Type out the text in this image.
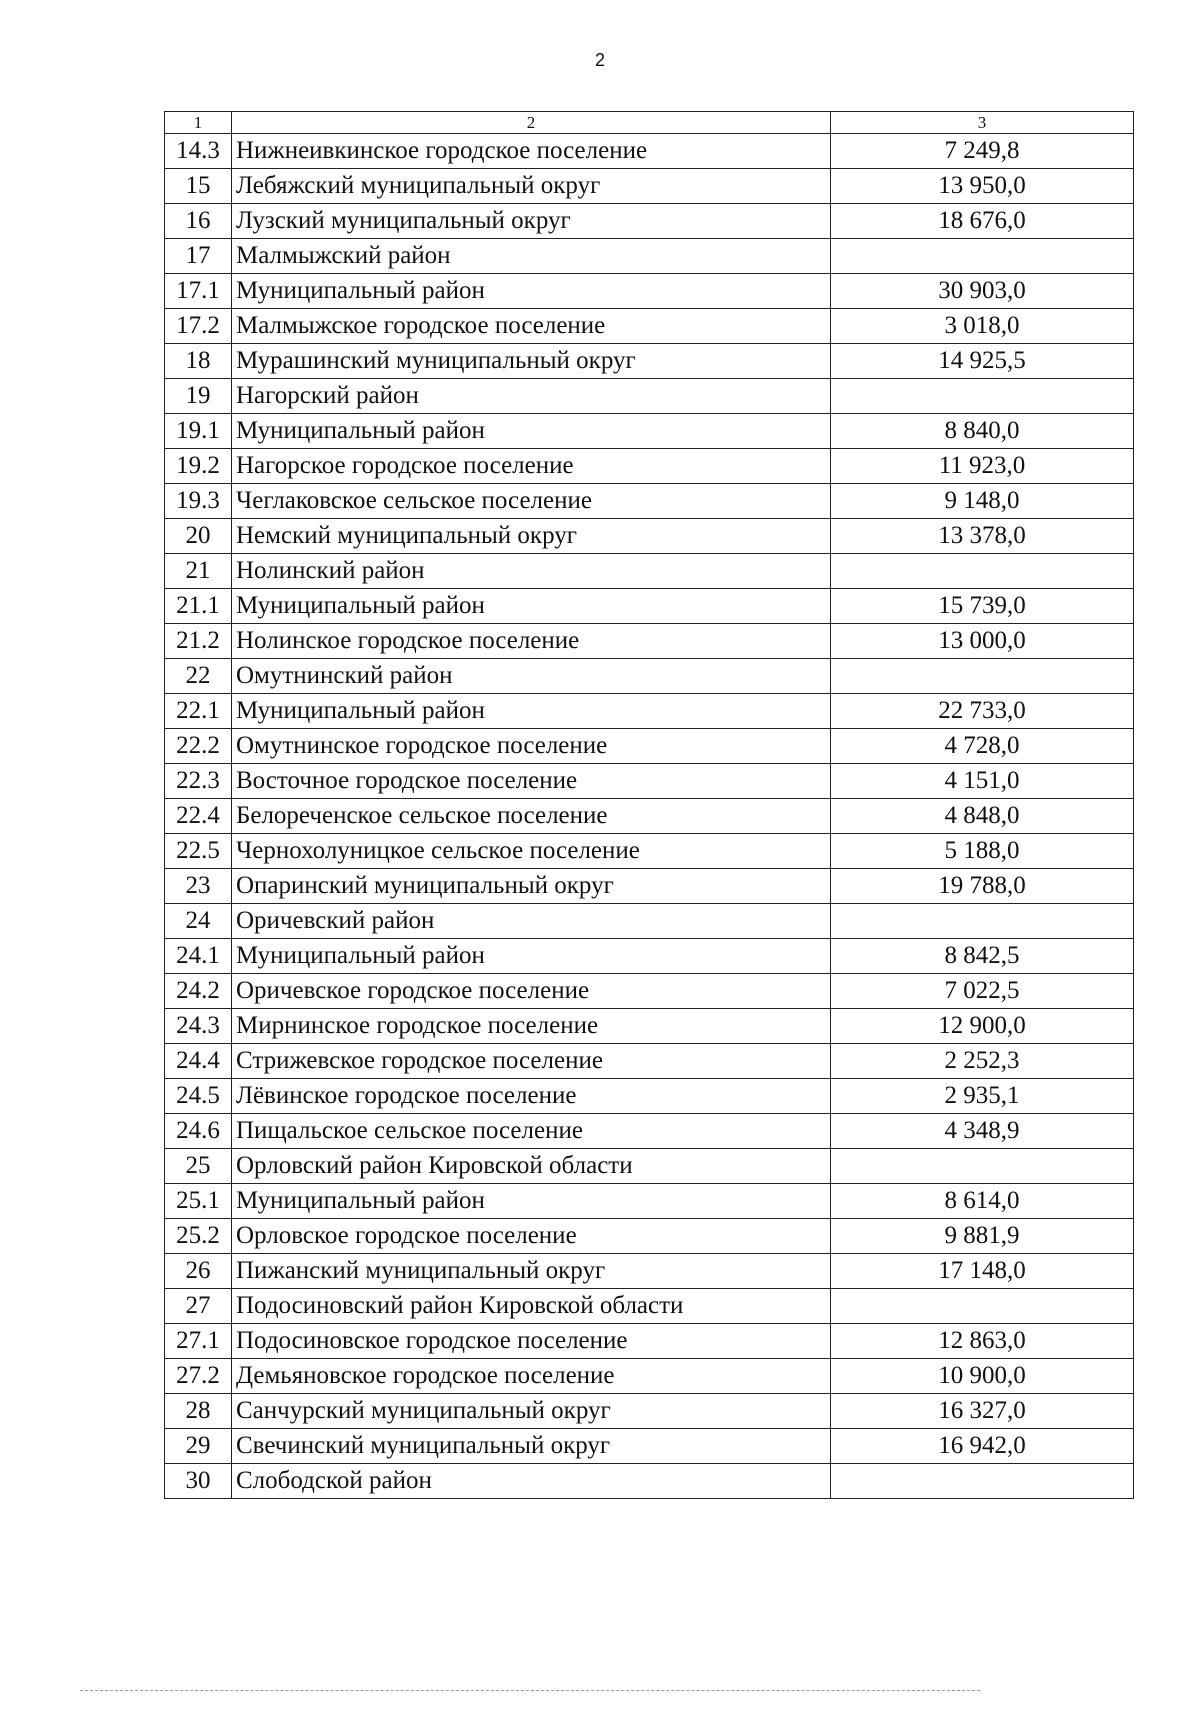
2
1	2	3
14.3	Нижнеивкинское городское поселение	7 249,8
15	Лебяжский муниципальный округ	13 950,0
16	Лузский муниципальный округ	18 676,0
17	Малмыжский район	
17.1	Муниципальный район	30 903,0
17.2	Малмыжское городское поселение	3 018,0
18	Мурашинский муниципальный округ	14 925,5
19	Нагорский район	
19.1	Муниципальный район	8 840,0
19.2	Нагорское городское поселение	11 923,0
19.3	Чеглаковское сельское поселение	9 148,0
20	Немский муниципальный округ	13 378,0
21	Нолинский район	
21.1	Муниципальный район	15 739,0
21.2	Нолинское городское поселение	13 000,0
22	Омутнинский район	
22.1	Муниципальный район	22 733,0
22.2	Омутнинское городское поселение	4 728,0
22.3	Восточное городское поселение	4 151,0
22.4	Белореченское сельское поселение	4 848,0
22.5	Чернохолуницкое сельское поселение	5 188,0
23	Опаринский муниципальный округ	19 788,0
24	Оричевский район	
24.1	Муниципальный район	8 842,5
24.2	Оричевское городское поселение	7 022,5
24.3	Мирнинское городское поселение	12 900,0
24.4	Стрижевское городское поселение	2 252,3
24.5	Лёвинское городское поселение	2 935,1
24.6	Пищальское сельское поселение	4 348,9
25	Орловский район Кировской области	
25.1	Муниципальный район	8 614,0
25.2	Орловское городское поселение	9 881,9
26	Пижанский муниципальный округ	17 148,0
27	Подосиновский район Кировской области	
27.1	Подосиновское городское поселение	12 863,0
27.2	Демьяновское городское поселение	10 900,0
28	Санчурский муниципальный округ	16 327,0
29	Свечинский муниципальный округ	16 942,0
30	Слободской район	
